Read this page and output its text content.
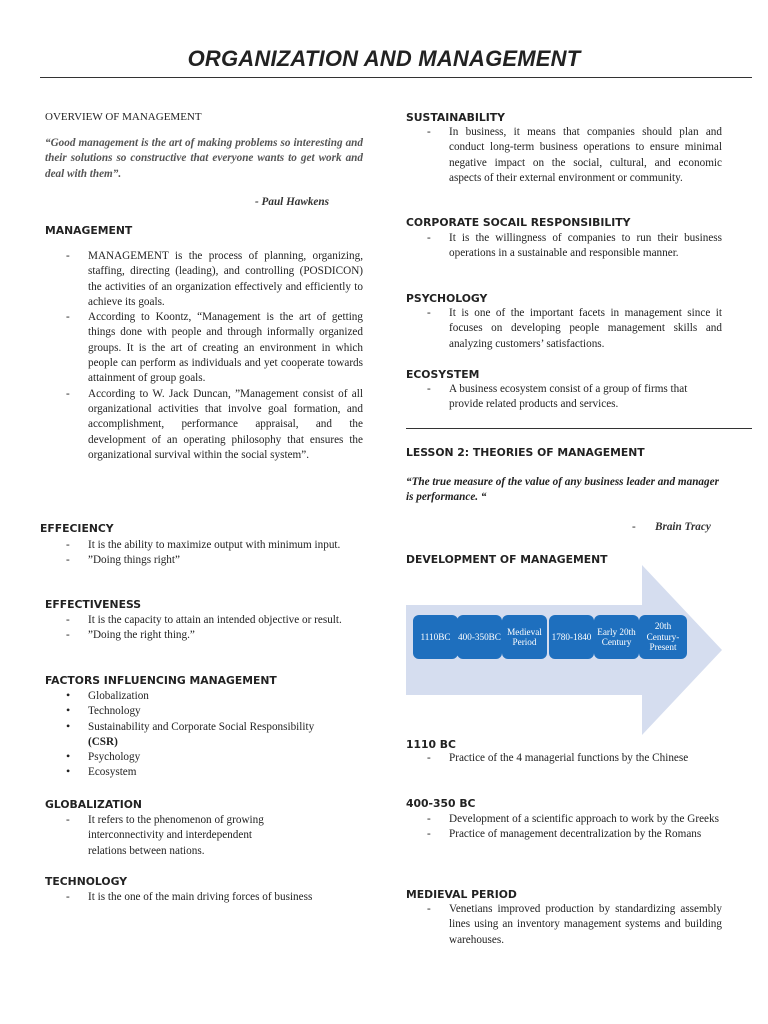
ORGANIZATION AND MANAGEMENT
OVERVIEW OF MANAGEMENT
“Good management is the art of making problems so interesting and their solutions so constructive that everyone wants to get work and deal with them”.
- Paul Hawkens
MANAGEMENT
- MANAGEMENT is the process of planning, organizing, staffing, directing (leading), and controlling (POSDICON) the activities of an organization effectively and efficiently to achieve its goals.
- According to Koontz, “Management is the art of getting things done with people and through informally organized groups. It is the art of creating an environment in which people can perform as individuals and yet cooperate towards attainment of group goals.
- According to W. Jack Duncan, ”Management consist of all organizational activities that involve goal formation, and accomplishment, performance appraisal, and the development of an operating philosophy that ensures the organizational survival within the social system”.
EFFECIENCY
- It is the ability to maximize output with minimum input.
- ”Doing things right”
EFFECTIVENESS
- It is the capacity to attain an intended objective or result.
- ”Doing the right thing.”
FACTORS INFLUENCING MANAGEMENT
• Globalization
• Technology
• Sustainability and Corporate Social Responsibility
(CSR)
• Psychology
• Ecosystem
GLOBALIZATION
- It refers to the phenomenon of growing interconnectivity and interdependent relations between nations.
TECHNOLOGY
- It is the one of the main driving forces of business
SUSTAINABILITY
- In business, it means that companies should plan and conduct long-term business operations to ensure minimal negative impact on the social, cultural, and economic aspects of their external environment or community.
CORPORATE SOCAIL RESPONSIBILITY
- It is the willingness of companies to run their business operations in a sustainable and responsible manner.
PSYCHOLOGY
- It is one of the important facets in management since it focuses on developing people management skills and analyzing customers’ satisfactions.
ECOSYSTEM
- A business ecosystem consist of a group of firms that provide related products and services.
LESSON 2: THEORIES OF MANAGEMENT
“The true measure of the value of any business leader and manager is performance. “
-	Brain Tracy
DEVELOPMENT OF MANAGEMENT
1110 BC
- Practice of the 4 managerial functions by the Chinese
400-350 BC
- Development of a scientific approach to work by the Greeks
- Practice of management decentralization by the Romans
MEDIEVAL PERIOD
- Venetians improved production by standardizing assembly lines using an inventory management systems and building warehouses.
1110BC 400-350BC
Medieval Period
1780-1840
Early 20th Century
20th Century-Present
